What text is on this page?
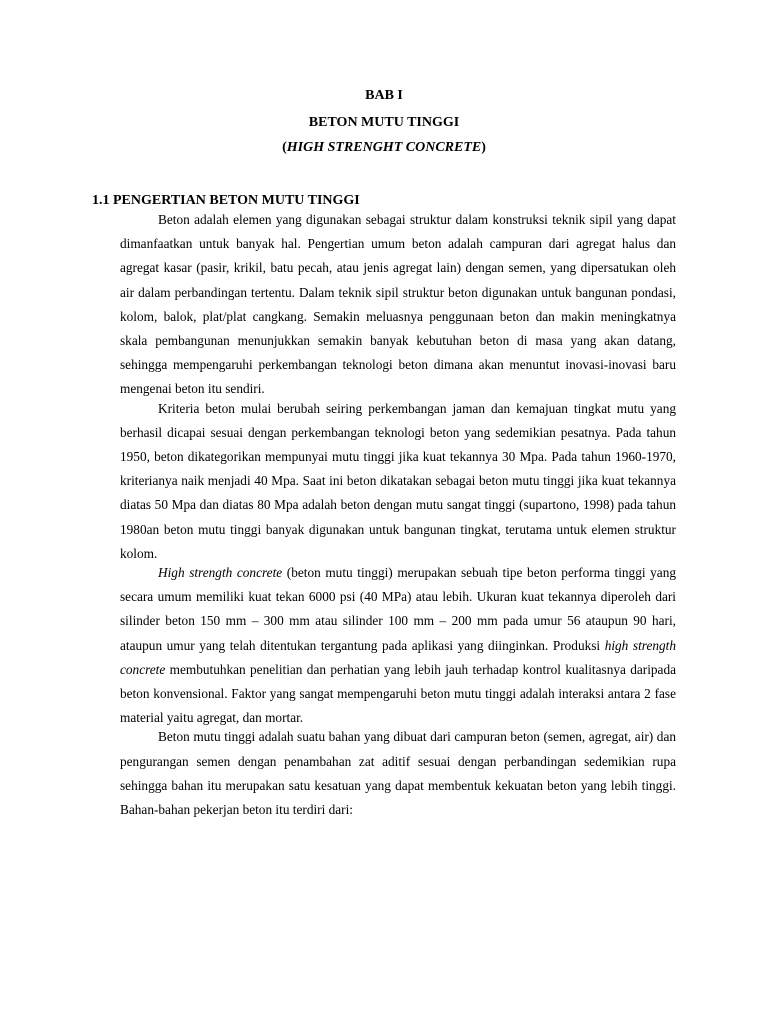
BAB I
BETON MUTU TINGGI
(HIGH STRENGHT CONCRETE)
1.1 PENGERTIAN BETON MUTU TINGGI

Beton adalah elemen yang digunakan sebagai struktur dalam konstruksi teknik sipil yang dapat dimanfaatkan untuk banyak hal. Pengertian umum beton adalah campuran dari agregat halus dan agregat kasar (pasir, krikil, batu pecah, atau jenis agregat lain) dengan semen, yang dipersatukan oleh air dalam perbandingan tertentu. Dalam teknik sipil struktur beton digunakan untuk bangunan pondasi, kolom, balok, plat/plat cangkang. Semakin meluasnya penggunaan beton dan makin meningkatnya skala pembangunan menunjukkan semakin banyak kebutuhan beton di masa yang akan datang, sehingga mempengaruhi perkembangan teknologi beton dimana akan menuntut inovasi-inovasi baru mengenai beton itu sendiri.

Kriteria beton mulai berubah seiring perkembangan jaman dan kemajuan tingkat mutu yang berhasil dicapai sesuai dengan perkembangan teknologi beton yang sedemikian pesatnya. Pada tahun 1950, beton dikategorikan mempunyai mutu tinggi jika kuat tekannya 30 Mpa. Pada tahun 1960-1970, kriterianya naik menjadi 40 Mpa. Saat ini beton dikatakan sebagai beton mutu tinggi jika kuat tekannya diatas 50 Mpa dan diatas 80 Mpa adalah beton dengan mutu sangat tinggi (supartono, 1998) pada tahun 1980an beton mutu tinggi banyak digunakan untuk bangunan tingkat, terutama untuk elemen struktur kolom.

High strength concrete (beton mutu tinggi) merupakan sebuah tipe beton performa tinggi yang secara umum memiliki kuat tekan 6000 psi (40 MPa) atau lebih. Ukuran kuat tekannya diperoleh dari silinder beton 150 mm – 300 mm atau silinder 100 mm – 200 mm pada umur 56 ataupun 90 hari, ataupun umur yang telah ditentukan tergantung pada aplikasi yang diinginkan. Produksi high strength concrete membutuhkan penelitian dan perhatian yang lebih jauh terhadap kontrol kualitasnya daripada beton konvensional. Faktor yang sangat mempengaruhi beton mutu tinggi adalah interaksi antara 2 fase material yaitu agregat, dan mortar.

Beton mutu tinggi adalah suatu bahan yang dibuat dari campuran beton (semen, agregat, air) dan pengurangan semen dengan penambahan zat aditif sesuai dengan perbandingan sedemikian rupa sehingga bahan itu merupakan satu kesatuan yang dapat membentuk kekuatan beton yang lebih tinggi. Bahan-bahan pekerjan beton itu terdiri dari:
